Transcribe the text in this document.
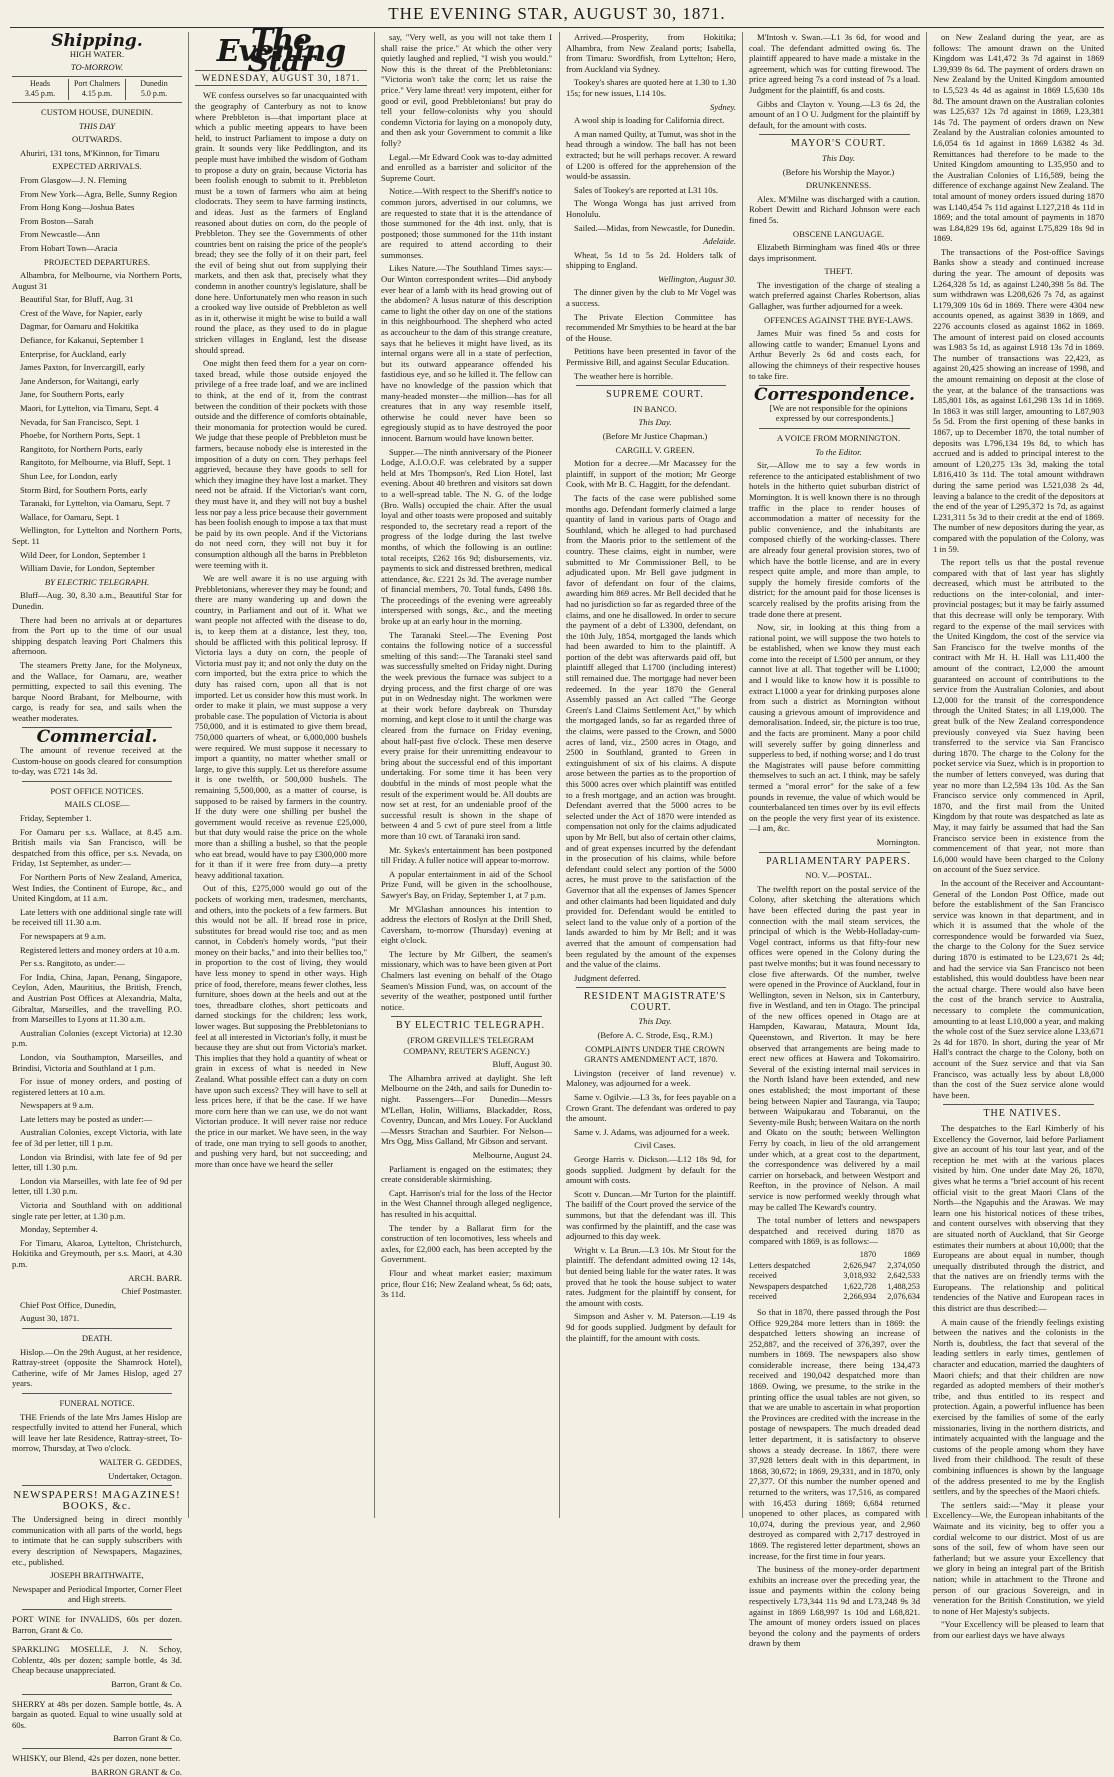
THE EVENING STAR, AUGUST 30, 1871.
Shipping.

HIGH WATER.

TO-MORROW.

Heads
3.45 p.m.
Port Chalmers
4.15 p.m.
Dunedin
5.0 p.m.

CUSTOM HOUSE, DUNEDIN.

THIS DAY

OUTWARDS.

Ahuriri, 131 tons, M'Kinnon, for Timaru

EXPECTED ARRIVALS.

From Glasgow—J. N. Fleming

From New York—Agra, Belle, Sunny Region

From Hong Kong—Joshua Bates

From Boston—Sarah

From Newcastle—Ann

From Hobart Town—Aracia

PROJECTED DEPARTURES.

Alhambra, for Melbourne, via Northern Ports, August 31

Beautiful Star, for Bluff, Aug. 31

Crest of the Wave, for Napier, early

Dagmar, for Oamaru and Hokitika

Defiance, for Kakanui, September 1

Enterprise, for Auckland, early

James Paxton, for Invercargill, early

Jane Anderson, for Waitangi, early

Jane, for Southern Ports, early

Maori, for Lyttelton, via Timaru, Sept. 4

Nevada, for San Francisco, Sept. 1

Phoebe, for Northern Ports, Sept. 1

Rangitoto, for Northern Ports, early

Rangitoto, for Melbourne, via Bluff, Sept. 1

Shun Lee, for London, early

Storm Bird, for Southern Ports, early

Taranaki, for Lyttelton, via Oamaru, Sept. 7

Wallace, for Oamaru, Sept. 1

Wellington, for Lyttelton and Northern Ports, Sept. 11

Wild Deer, for London, September 1

William Davie, for London, September

BY ELECTRIC TELEGRAPH.

Bluff—Aug. 30, 8.30 a.m., Beautiful Star for Dunedin.

There had been no arrivals at or departures from the Port up to the time of our usual shipping despatch leaving Port Chalmers this afternoon.

The steamers Pretty Jane, for the Molyneux, and the Wallace, for Oamaru, are, weather permitting, expected to sail this evening. The barque Noord Brabant, for Melbourne, with cargo, is ready for sea, and sails when the weather moderates.

Commercial.

The amount of revenue received at the Custom-house on goods cleared for consumption to-day, was £721 14s 3d.

POST OFFICE NOTICES.

MAILS CLOSE—

Friday, September 1.

For Oamaru per s.s. Wallace, at 8.45 a.m. British mails via San Francisco, will be despatched from this office, per s.s. Nevada, on Friday, 1st September, as under:—

For Northern Ports of New Zealand, America, West Indies, the Continent of Europe, &c., and United Kingdom, at 11 a.m.

Late letters with one additional single rate will be received till 11.30 a.m.

For newspapers at 9 a.m.

Registered letters and money orders at 10 a.m.

Per s.s. Rangitoto, as under:—

For India, China, Japan, Penang, Singapore, Ceylon, Aden, Mauritius, the British, French, and Austrian Post Offices at Alexandria, Malta, Gibraltar, Marseilles, and the travelling P.O. from Marseilles to Lyons at 11.30 a.m.

Australian Colonies (except Victoria) at 12.30 p.m.

London, via Southampton, Marseilles, and Brindisi, Victoria and Southland at 1 p.m.

For issue of money orders, and posting of registered letters at 10 a.m.

Newspapers at 9 a.m.

Late letters may be posted as under:—

Australian Colonies, except Victoria, with late fee of 3d per letter, till 1 p.m.

London via Brindisi, with late fee of 9d per letter, till 1.30 p.m.

London via Marseilles, with late fee of 9d per letter, till 1.30 p.m.

Victoria and Southland with on additional single rate per letter, at 1.30 p.m.

Monday, September 4.

For Timaru, Akaroa, Lyttelton, Christchurch, Hokitika and Greymouth, per s.s. Maori, at 4.30 p.m.

ARCH. BARR.

Chief Postmaster.

Chief Post Office, Dunedin,

August 30, 1871.

DEATH.

Hislop.—On the 29th August, at her residence, Rattray-street (opposite the Shamrock Hotel), Catherine, wife of Mr James Hislop, aged 27 years.

FUNERAL NOTICE.

THE Friends of the late Mrs James Hislop are respectfully invited to attend her Funeral, which will leave her late Residence, Rattray-street, To-morrow, Thursday, at Two o'clock.

WALTER G. GEDDES,

Undertaker, Octagon.

NEWSPAPERS! MAGAZINES! BOOKS, &c.

The Undersigned being in direct monthly communication with all parts of the world, begs to intimate that he can supply subscribers with every description of Newspapers, Magazines, etc., published.

JOSEPH BRAITHWAITE,

Newspaper and Periodical Importer, Corner Fleet and High streets.

PORT WINE for INVALIDS, 60s per dozen. Barron, Grant & Co.

SPARKLING MOSELLE, J. N. Schoy, Coblentz, 40s per dozen; sample bottle, 4s 3d. Cheap because unappreciated.

Barron, Grant & Co.

SHERRY at 48s per dozen. Sample bottle, 4s. A bargain as quoted. Equal to wine usually sold at 60s.

Barron Grant & Co.

WHISKY, our Blend, 42s per dozen, none better.

BARRON GRANT & Co.

The Evening Star
WEDNESDAY, AUGUST 30, 1871.

WE confess ourselves so far unacquainted with the geography of Canterbury as not to know where Prebbleton is—that important place at which a public meeting appears to have been held, to instruct Parliament to impose a duty on grain. It sounds very like Peddlington, and its people must have imbibed the wisdom of Gotham to propose a duty on grain, because Victoria has been foolish enough to submit to it. Prebbleton must be a town of farmers who aim at being clodocrats. They seem to have farming instincts, and ideas. Just as the farmers of England reasoned about duties on corn, do the people of Prebbleton. They see the Governments of other countries bent on raising the price of the people's bread; they see the folly of it on their part, feel the evil of being shut out from supplying their markets, and then ask that, precisely what they condemn in another country's legislature, shall be done here. Unfortunately men who reason in such a crooked way live outside of Prebbleton as well as in it, otherwise it might be wise to build a wall round the place, as they used to do in plague stricken villages in England, lest the disease should spread.

One might then feed them for a year on corn-taxed bread, while those outside enjoyed the privilege of a free trade loaf, and we are inclined to think, at the end of it, from the contrast between the condition of their pockets with those outside and the difference of comforts obtainable, their monomania for protection would be cured. We judge that these people of Prebbleton must be farmers, because nobody else is interested in the imposition of a duty on corn. They perhaps feel aggrieved, because they have goods to sell for which they imagine they have lost a market. They need not be afraid. If the Victorian's want corn, they must have it, and they will not buy a bushel less nor pay a less price because their government has been foolish enough to impose a tax that must be paid by its own people. And if the Victorians do not need corn, they will not buy it for consumption although all the barns in Prebbleton were teeming with it.

We are well aware it is no use arguing with Prebbletonians, wherever they may be found; and there are many wandering up and down the country, in Parliament and out of it. What we want people not affected with the disease to do, is, to keep them at a distance, lest they, too, should be afflicted with this political leprosy. If Victoria lays a duty on corn, the people of Victoria must pay it; and not only the duty on the corn imported, but the extra price to which the duty has raised corn, upon all that is not imported. Let us consider how this must work. In order to make it plain, we must suppose a very probable case. The population of Victoria is about 750,000, and it is estimated to give them bread, 750,000 quarters of wheat, or 6,000,000 bushels were required. We must suppose it necessary to import a quantity, no matter whether small or large, to give this supply. Let us therefore assume it is one twelfth, or 500,000 bushels. The remaining 5,500,000, as a matter of course, is supposed to be raised by farmers in the country. If the duty were one shilling per bushel the government would receive as revenue £25,000, but that duty would raise the price on the whole more than a shilling a bushel, so that the people who eat bread, would have to pay £300,000 more for it than if it were free from duty—a pretty heavy additional taxation.

Out of this, £275,000 would go out of the pockets of working men, tradesmen, merchants, and others, into the pockets of a few farmers. But this would not be all. If bread rose in price, substitutes for bread would rise too; and as men cannot, in Cobden's homely words, "put their money on their backs," and into their bellies too," in proportion to the cost of living, they would have less money to spend in other ways. High price of food, therefore, means fewer clothes, less furniture, shoes down at the heels and out at the toes, threadbare clothes, short petticoats and darned stockings for the children; less work, lower wages. But supposing the Prebbletonians to feel at all interested in Victorian's folly, it must be because they are shut out from Victoria's market. This implies that they hold a quantity of wheat or grain in excess of what is needed in New Zealand. What possible effect can a duty on corn have upon such excess? They will have to sell at less prices here, if that be the case. If we have more corn here than we can use, we do not want Victorian produce. It will never raise nor reduce the price in our market. We have seen, in the way of trade, one man trying to sell goods to another, and pushing very hard, but not succeeding; and more than once have we heard the seller

say, "Very well, as you will not take them I shall raise the price." At which the other very quietly laughed and replied, "I wish you would." Now this is the threat of the Prebbletonians: "Victoria won't take the corn; let us raise the price." Very lame threat! very impotent, either for good or evil, good Prebbletonians! but pray do tell your fellow-colonists why you should condemn Victoria for laying on a monopoly duty, and then ask your Government to commit a like folly?

Legal.—Mr Edward Cook was to-day admitted and enrolled as a barrister and solicitor of the Supreme Court.

Notice.—With respect to the Sheriff's notice to common jurors, advertised in our columns, we are requested to state that it is the attendance of those summoned for the 4th inst. only, that is postponed; those summoned for the 11th instant are required to attend according to their summonses.

Likes Nature.—The Southland Times says:—Our Winton correspondent writes—Did anybody ever hear of a lamb with its head growing out of the abdomen? A lusus naturæ of this description came to light the other day on one of the stations in this neighbourhood. The shepherd who acted as accoucheur to the dam of this strange creature, says that he believes it might have lived, as its internal organs were all in a state of perfection, but its outward appearance offended his fastidious eye, and so he killed it. The fellow can have no knowledge of the passion which that many-headed monster—the million—has for all creatures that in any way resemble itself, otherwise he could never have been so egregiously stupid as to have destroyed the poor innocent. Barnum would have known better.

Supper.—The ninth anniversary of the Pioneer Lodge, A.I.O.O.F. was celebrated by a supper held at Mrs Thompson's, Red Lion Hotel, last evening. About 40 brethren and visitors sat down to a well-spread table. The N. G. of the lodge (Bro. Walls) occupied the chair. After the usual loyal and other toasts were proposed and suitably responded to, the secretary read a report of the progress of the lodge during the last twelve months, of which the following is an outline: total receipts, £262 16s 9d; disbursements, viz. payments to sick and distressed brethren, medical attendance, &c. £221 2s 3d. The average number of financial members, 70. Total funds, £498 18s. The proceedings of the evening were agreeably interspersed with songs, &c., and the meeting broke up at an early hour in the morning.

The Taranaki Steel.—The Evening Post contains the following notice of a successful smelting of this sand:—The Taranaki steel sand was successfully smelted on Friday night. During the week previous the furnace was subject to a drying process, and the first charge of ore was put in on Wednesday night. The workmen were at their work before daybreak on Thursday morning, and kept close to it until the charge was cleared from the furnace on Friday evening, about half-past five o'clock. These men deserve every praise for their unremitting endeavour to bring about the successful end of this important undertaking. For some time it has been very doubtful in the minds of most people what the result of the experiment would be. All doubts are now set at rest, for an undeniable proof of the successful result is shown in the shape of between 4 and 5 cwt of pure steel from a little more than 10 cwt. of Taranaki iron sand.

Mr. Sykes's entertainment has been postponed till Friday. A fuller notice will appear to-morrow.

A popular entertainment in aid of the School Prize Fund, will be given in the schoolhouse, Sawyer's Bay, on Friday, September 1, at 7 p.m.

Mr M'Glashan announces his intention to address the electors of Roslyn at the Drill Shed, Caversham, to-morrow (Thursday) evening at eight o'clock.

The lecture by Mr Gilbert, the seamen's missionary, which was to have been given at Port Chalmers last evening on behalf of the Otago Seamen's Mission Fund, was, on account of the severity of the weather, postponed until further notice.

BY ELECTRIC TELEGRAPH.

(FROM GREVILLE'S TELEGRAM COMPANY, REUTER'S AGENCY.)

Bluff, August 30.

The Alhambra arrived at daylight. She left Melbourne on the 24th, and sails for Dunedin to-night. Passengers—For Dunedin—Messrs M'Lellan, Holin, Williams, Blackadder, Ross, Coventry, Duncan, and Mrs Louey. For Auckland—Messrs Strachan and Saurbier. For Nelson—Mrs Ogg, Miss Galland, Mr Gibson and servant.

Melbourne, August 24.

Parliament is engaged on the estimates; they create considerable skirmishing.

Capt. Harrison's trial for the loss of the Hector in the West Channel through alleged negligence, has resulted in his acquittal.

The tender by a Ballarat firm for the construction of ten locomotives, less wheels and axles, for £2,000 each, has been accepted by the Government.

Flour and wheat market easier; maximum price, flour £16; New Zealand wheat, 5s 6d; oats, 3s 11d.

Arrived.—Prosperity, from Hokitika; Alhambra, from New Zealand ports; Isabella, from Timaru: Swordfish, from Lyttelton; Hero, from Auckland via Sydney.

Tookey's shares are quoted here at 1.30 to 1.30 15s; for new issues, L14 10s.

Sydney.

A wool ship is loading for California direct.

A man named Quilty, at Tumut, was shot in the head through a window. The ball has not been extracted; but he will perhaps recover. A reward of L200 is offered for the apprehension of the would-be assassin.

Sales of Tookey's are reported at L31 10s.

The Wonga Wonga has just arrived from Honolulu.

Sailed.—Midas, from Newcastle, for Dunedin.

Adelaide.

Wheat, 5s 1d to 5s 2d. Holders talk of shipping to England.

Wellington, August 30.

The dinner given by the club to Mr Vogel was a success.

The Private Election Committee has recommended Mr Smythies to be heard at the bar of the House.

Petitions have been presented in favor of the Permissive Bill, and against Secular Education.

The weather here is horrible.

SUPREME COURT.

IN BANCO.

This Day.

(Before Mr Justice Chapman.)

CARGILL V. GREEN.

Motion for a decree.—Mr Macassey for the plaintiff, in support of the motion; Mr George Cook, with Mr B. C. Haggitt, for the defendant.

The facts of the case were published some months ago. Defendant formerly claimed a large quantity of land in various parts of Otago and Southland, which he alleged to had purchased from the Maoris prior to the settlement of the country. These claims, eight in number, were submitted to Mr Commissioner Bell, to be adjudicated upon. Mr Bell gave judgment in favor of defendant on four of the claims, awarding him 869 acres. Mr Bell decided that he had no jurisdiction so far as regarded three of the claims, and one he disallowed. In order to secure the payment of a debt of L3300, defendant, on the 10th July, 1854, mortgaged the lands which had been awarded to him to the plaintiff. A portion of the debt was afterwards paid off, but plaintiff alleged that L1700 (including interest) still remained due. The mortgage had never been redeemed. In the year 1870 the General Assembly passed an Act called "The George Green's Land Claims Settlement Act," by which the mortgaged lands, so far as regarded three of the claims, were passed to the Crown, and 5000 acres of land, viz., 2500 acres in Otago, and 2500 in Southland, granted to Green in extinguishment of six of his claims. A dispute arose between the parties as to the proportion of this 5000 acres over which plaintiff was entitled to a fresh mortgage, and an action was brought. Defendant averred that the 5000 acres to be selected under the Act of 1870 were intended as compensation not only for the claims adjudicated upon by Mr Bell, but also of certain other claims, and of great expenses incurred by the defendant in the prosecution of his claims, while before defendant could select any portion of the 5000 acres, he must prove to the satisfaction of the Governor that all the expenses of James Spencer and other claimants had been liquidated and duly provided for. Defendant would be entitled to select land to the value only of a portion of the lands awarded to him by Mr Bell; and it was averred that the amount of compensation had been regulated by the amount of the expenses and the value of the claims.

Judgment deferred.

RESIDENT MAGISTRATE'S COURT.

This Day.

(Before A. C. Strode, Esq., R.M.)

COMPLAINTS UNDER THE CROWN GRANTS AMENDMENT ACT, 1870.

Livingston (receiver of land revenue) v. Maloney, was adjourned for a week.

Same v. Ogilvie.—L3 3s, for fees payable on a Crown Grant. The defendant was ordered to pay the amount.

Same v. J. Adams, was adjourned for a week.

Civil Cases.

George Harris v. Dickson.—L12 18s 9d, for goods supplied. Judgment by default for the amount with costs.

Scott v. Duncan.—Mr Turton for the plaintiff. The bailiff of the Court proved the service of the summons, but that the defendant was ill. This was confirmed by the plaintiff, and the case was adjourned to this day week.

Wright v. La Brun.—L3 10s. Mr Stout for the plaintiff. The defendant admitted owing 12 14s, but denied being liable for the water rates. It was proved that he took the house subject to water rates. Judgment for the plaintiff by consent, for the amount with costs.

Simpson and Asher v. M. Paterson.—L19 4s 9d for goods supplied. Judgment by default for the plaintiff, for the amount with costs.

M'Intosh v. Swan.—L1 3s 6d, for wood and coal. The defendant admitted owing 6s. The plaintiff appeared to have made a mistake in the agreement, which was for cutting firewood. The price agreed being 7s a cord instead of 7s a load. Judgment for the plaintiff, 6s and costs.

Gibbs and Clayton v. Young.—L3 6s 2d, the amount of an I O U. Judgment for the plaintiff by default, for the amount with costs.

MAYOR'S COURT.

This Day.

(Before his Worship the Mayor.)

DRUNKENNESS.

Alex. M'Milne was discharged with a caution. Robert Dewitt and Richard Johnson were each fined 5s.

OBSCENE LANGUAGE.

Elizabeth Birmingham was fined 40s or three days imprisonment.

THEFT.

The investigation of the charge of stealing a watch preferred against Charles Robertson, alias Gallagher, was further adjourned for a week.

OFFENCES AGAINST THE BYE-LAWS.

James Muir was fined 5s and costs for allowing cattle to wander; Emanuel Lyons and Arthur Beverly 2s 6d and costs each, for allowing the chimneys of their respective houses to take fire.

Correspondence.

[We are not responsible for the opinions expressed by our correspondents.]

A VOICE FROM MORNINGTON.

To the Editor.

Sir,—Allow me to say a few words in reference to the anticipated establishment of two hotels in the hitherto quiet suburban district of Mornington. It is well known there is no through traffic in the place to render houses of accommodation a matter of necessity for the public convenience, and the inhabitants are composed chiefly of the working-classes. There are already four general provision stores, two of which have the bottle license, and are in every respect quite ample, and more than ample, to supply the homely fireside comforts of the district; for the amount paid for those licenses is scarcely realised by the profits arising from the trade done there at present.

Now, sir, in looking at this thing from a rational point, we will suppose the two hotels to be established, when we know they must each come into the receipt of L500 per annum, or they cannot live at all. That together will be L1000; and I would like to know how it is possible to extract L1000 a year for drinking purposes alone from such a district as Mornington without causing a grievous amount of improvidence and demoralisation. Indeed, sir, the picture is too true, and the facts are prominent. Many a poor child will severely suffer by going dinnerless and supperless to bed, if nothing worse; and I do trust the Magistrates will pause before committing themselves to such an act. I think, may be safely termed a "moral error" for the sake of a few pounds in revenue, the value of which would be counterbalanced ten times over by its evil effects on the people the very first year of its existence.—I am, &c.

Mornington.

PARLIAMENTARY PAPERS.

NO. V.—POSTAL.

The twelfth report on the postal service of the Colony, after sketching the alterations which have been effected during the past year in connection with the mail steam services, the principal of which is the Webb-Holladay-cum-Vogel contract, informs us that fifty-four new offices were opened in the Colony during the past twelve months; but it was found necessary to close five afterwards. Of the number, twelve were opened in the Province of Auckland, four in Wellington, seven in Nelson, six in Canterbury, five in Westland, and ten in Otago. The principal of the new offices opened in Otago are at Hampden, Kawarau, Mataura, Mount Ida, Queenstown, and Riverton. It may be here observed that arrangements are being made to erect new offices at Hawera and Tokomairiro. Several of the existing internal mail services in the North Island have been extended, and new ones established; the most important of these being between Napier and Tauranga, via Taupo; between Waipukarau and Tobaranui, on the Seventy-mile Bush; between Waitara on the north and Okato on the south; between Wellington Ferry by coach, in lieu of the old arrangement under which, at a great cost to the department, the correspondence was delivered by a mail carrier on horseback, and between Westport and Reefton, in the province of Nelson. A mail service is now performed weekly through what may be called The Keward's country.

The total number of letters and newspapers despatched and received during 1870 as compared with 1869, is as follows:—

1870	1869
Letters despatched	2,626,947	2,374,050
received	3,018,932	2,642,533
Newspapers despatched	1,622,728	1,488,253
received	2,266,934	2,076,634

So that in 1870, there passed through the Post Office 929,284 more letters than in 1869: the despatched letters showing an increase of 252,887, and the received of 376,397, over the numbers in 1869. The newspapers also show considerable increase, there being 134,473 received and 190,042 despatched more than 1869. Owing, we presume, to the strike in the printing office the usual tables are not given, so that we are unable to ascertain in what proportion the Provinces are credited with the increase in the postage of newspapers. The much dreaded dead letter department, it is satisfactory to observe shows a steady decrease. In 1867, there were 37,928 letters dealt with in this department, in 1868, 30,672; in 1869, 29,331, and in 1870, only 27,377. Of this number the number opened and returned to the writers, was 17,516, as compared with 16,453 during 1869; 6,684 returned unopened to other places, as compared with 10,074, during the previous year, and 2,960 destroyed as compared with 2,717 destroyed in 1869. The registered letter department, shows an increase, for the first time in four years.

The business of the money-order department exhibits an increase over the preceding year, the issue and payments within the colony being respectively L73,344 11s 9d and L73,248 9s 3d against in 1869 L68,997 1s 10d and L68,821. The amount of money orders issued on places beyond the colony and the payments of orders drawn by them

on New Zealand during the year, are as follows: The amount drawn on the United Kingdom was L41,472 3s 7d against in 1869 L39,939 8s 6d. The payment of orders drawn on New Zealand by the United Kingdom amounted to L5,523 4s 4d as against in 1869 L5,630 18s 8d. The amount drawn on the Australian colonies was L25,637 12s 7d against in 1869, L23,381 14s 7d. The payment of orders drawn on New Zealand by the Australian colonies amounted to L6,054 6s 1d against in 1869 L6382 4s 3d. Remittances had therefore to be made to the United Kingdom amounting to L35,950 and to the Australian Colonies of L16,589, being the difference of exchange against New Zealand. The total amount of money orders issued during 1870 was L140,454 7s 11d against L127,218 4s 11d in 1869; and the total amount of payments in 1870 was L84,829 19s 6d, against L75,829 18s 9d in 1869.

The transactions of the Post-office Savings Banks show a steady and continued increase during the year. The amount of deposits was L264,328 5s 1d, as against L240,398 5s 8d. The sum withdrawn was L208,626 7s 7d, as against L179,309 10s 6d in 1869. There were 4304 new accounts opened, as against 3839 in 1869, and 2276 accounts closed as against 1862 in 1869. The amount of interest paid on closed accounts was L983 5s 1d, as against L918 13s 7d in 1869. The number of transactions was 22,423, as against 20,425 showing an increase of 1998, and the amount remaining on deposit at the close of the year, at the balance of the transactions was L85,801 18s, as against L61,298 13s 1d in 1869. In 1863 it was still larger, amounting to L87,903 5s 5d. From the first opening of these banks in 1867, up to December 1870, the total number of deposits was L796,134 19s 8d, to which has accrued and is added to principal interest to the amount of L20,275 13s 3d, making the total L816,410 3s 11d. The total amount withdrawn during the same period was L521,038 2s 4d, leaving a balance to the credit of the depositors at the end of the year of L295,372 1s 7d, as against L231,311 5s 3d to their credit at the end of 1869. The number of new depositors during the year, as compared with the population of the Colony, was 1 in 59.

The report tells us that the postal revenue compared with that of last year has slightly decreased, which must be attributed to the reductions on the inter-colonial, and inter-provincial postages; but it may be fairly assumed that this decrease will only be temporary. With regard to the expense of the mail services with the United Kingdom, the cost of the service via San Francisco for the twelve months of the contract with Mr H. H. Hall was L11,400 the amount of the contract, L2,000 the amount guaranteed on account of contributions to the service from the Australian Colonies, and about L2,000 for the transit of the correspondence through the United States; in all L19,000. The great bulk of the New Zealand correspondence previously conveyed via Suez having been transferred to the service via San Francisco during 1870. The charge to the Colony for the pocket service via Suez, which is in proportion to the number of letters conveyed, was during that year no more than L2,594 13s 10d. As the San Francisco service only commenced in April, 1870, and the first mail from the United Kingdom by that route was despatched as late as May, it may fairly be assumed that had the San Francisco service been in existence from the commencement of that year, not more than L6,000 would have been charged to the Colony on account of the Suez service.

In the account of the Receiver and Accountant-General of the London Post Office, made out before the establishment of the San Francisco service was known in that department, and in which it is assumed that the whole of the correspondence would be forwarded via Suez, the charge to the Colony for the Suez service during 1870 is estimated to be L23,671 2s 4d; and had the service via San Francisco not been established, this would doubtless have been near the actual charge. There would also have been the cost of the branch service to Australia, necessary to complete the communication, amounting to at least L10,000 a year, and making the whole cost of the Suez service alone L33,671 2s 4d for 1870. In short, during the year of Mr Hall's contract the charge to the Colony, both on account of the Suez service and that via San Francisco, was actually less by about L8,000 than the cost of the Suez service alone would have been.

THE NATIVES.

The despatches to the Earl Kimberly of his Excellency the Governor, laid before Parliament give an account of his tour last year, and of the reception he met with at the various places visited by him. One under date May 26, 1870, gives what he terms a "brief account of his recent official visit to the great Maori Clans of the North—the Ngapuhis and the Arawas. We may learn one his historical notices of these tribes, and content ourselves with observing that they are situated north of Auckland, that Sir George estimates their numbers at about 10,000; that the Europeans are about equal in number, though unequally distributed through the district, and that the natives are on friendly terms with the Europeans. The relationship and political tendencies of the Native and European races in this district are thus described:—

A main cause of the friendly feelings existing between the natives and the colonists in the North is, doubtless, the fact that several of the leading settlers in early times, gentlemen of character and education, married the daughters of Maori chiefs; and that their children are now regarded as adopted members of their mother's tribe, and thus entitled to its respect and protection. Again, a powerful influence has been exercised by the families of some of the early missionaries, living in the northern districts, and intimately acquainted with the language and the customs of the people among whom they have lived from their childhood. The result of these combining influences is shown by the language of the address presented to me by the English settlers, and by the speeches of the Maori chiefs.

The settlers said:—"May it please your Excellency—We, the European inhabitants of the Waimate and its vicinity, beg to offer you a cordial welcome to our district. Most of us are sons of the soil, few of whom have seen our fatherland; but we assure your Excellency that we glory in being an integral part of the British nation; while in attachment to the Throne and person of our gracious Sovereign, and in veneration for the British Constitution, we yield to none of Her Majesty's subjects.

"Your Excellency will be pleased to learn that from our earliest days we have always
